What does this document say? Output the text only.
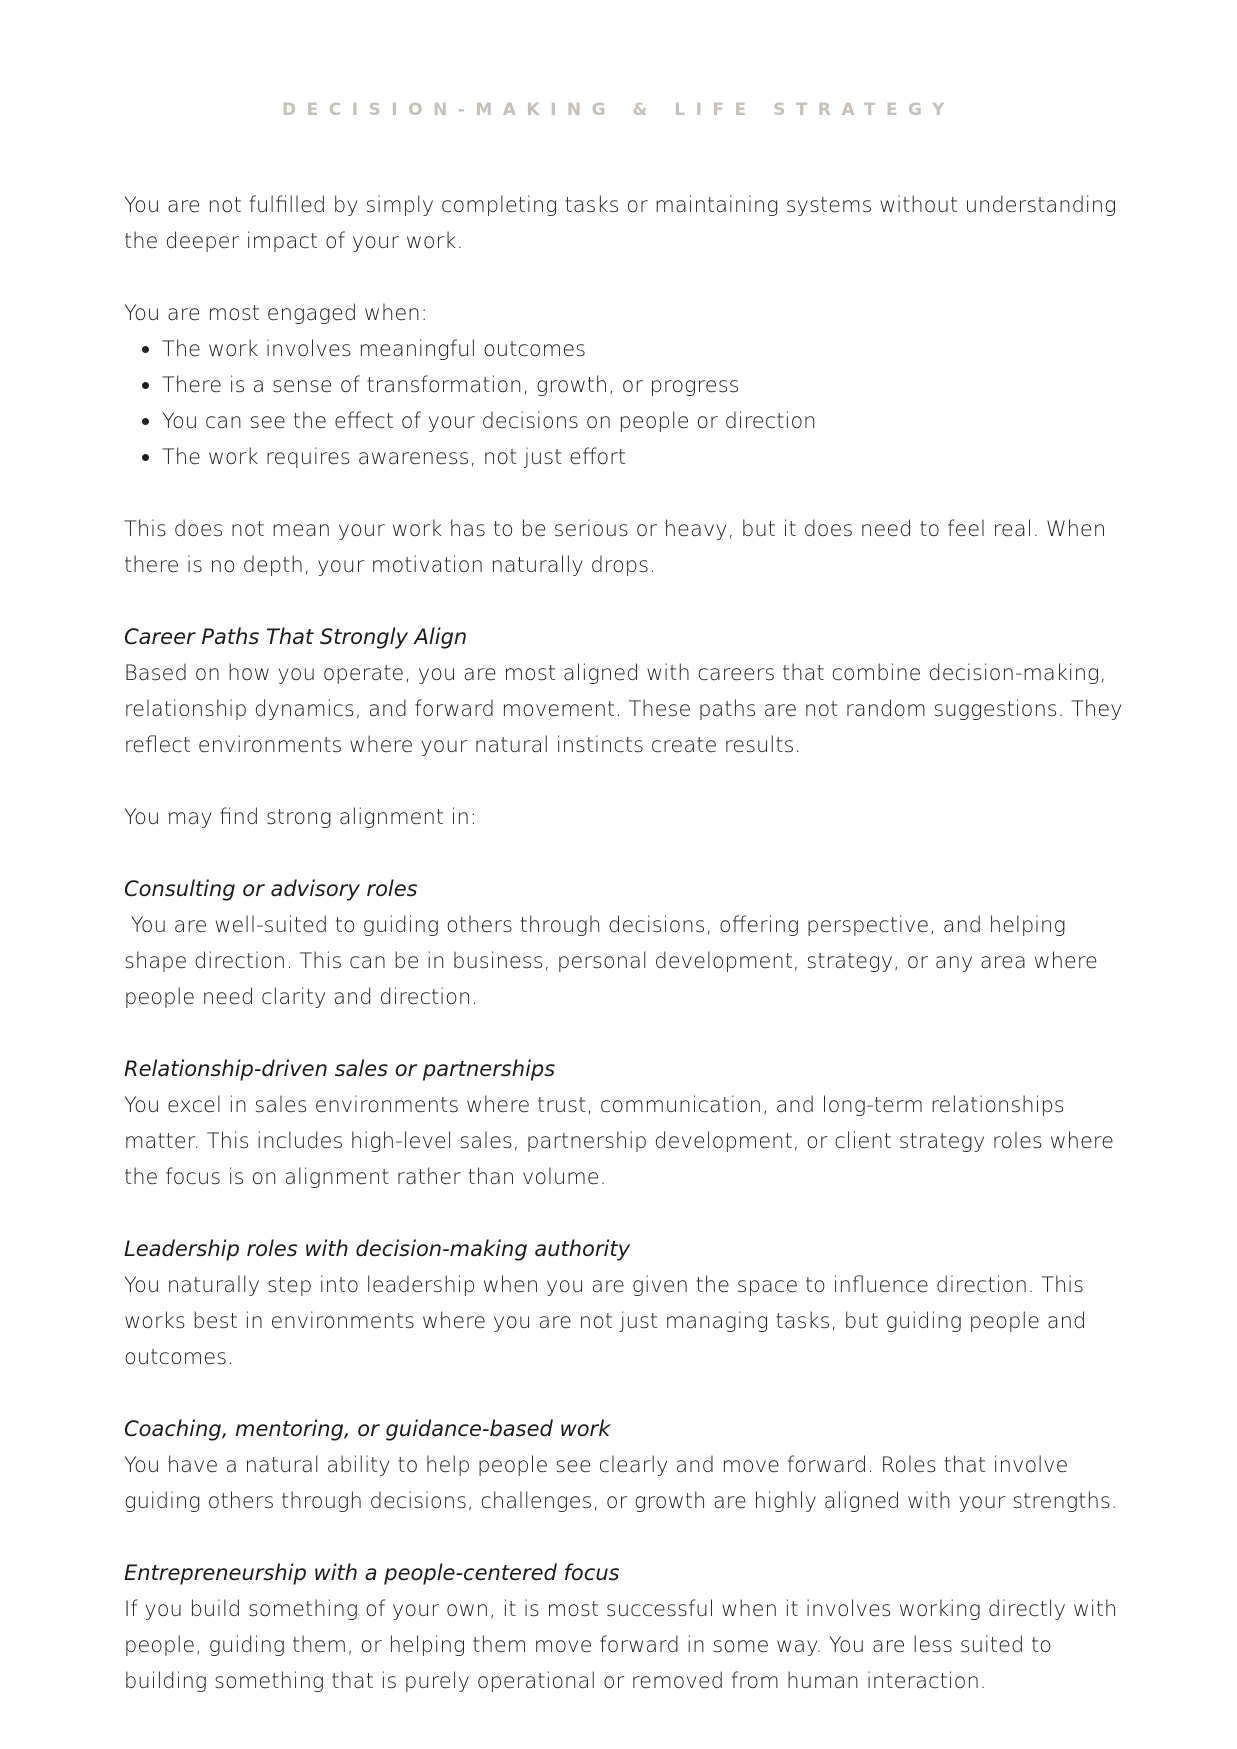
DECISION-MAKING & LIFE STRATEGY

You are not fulfilled by simply completing tasks or maintaining systems without understanding the deeper impact of your work.

You are most engaged when:

The work involves meaningful outcomes
There is a sense of transformation, growth, or progress
You can see the effect of your decisions on people or direction
The work requires awareness, not just effort

This does not mean your work has to be serious or heavy, but it does need to feel real. When there is no depth, your motivation naturally drops.

Career Paths That Strongly Align

Based on how you operate, you are most aligned with careers that combine decision-making, relationship dynamics, and forward movement. These paths are not random suggestions. They reflect environments where your natural instincts create results.

You may find strong alignment in:

Consulting or advisory roles

You are well-suited to guiding others through decisions, offering perspective, and helping shape direction. This can be in business, personal development, strategy, or any area where people need clarity and direction.

Relationship-driven sales or partnerships

You excel in sales environments where trust, communication, and long-term relationships matter. This includes high-level sales, partnership development, or client strategy roles where the focus is on alignment rather than volume.

Leadership roles with decision-making authority

You naturally step into leadership when you are given the space to influence direction. This works best in environments where you are not just managing tasks, but guiding people and outcomes.

Coaching, mentoring, or guidance-based work

You have a natural ability to help people see clearly and move forward. Roles that involve guiding others through decisions, challenges, or growth are highly aligned with your strengths.

Entrepreneurship with a people-centered focus

If you build something of your own, it is most successful when it involves working directly with people, guiding them, or helping them move forward in some way. You are less suited to building something that is purely operational or removed from human interaction.
